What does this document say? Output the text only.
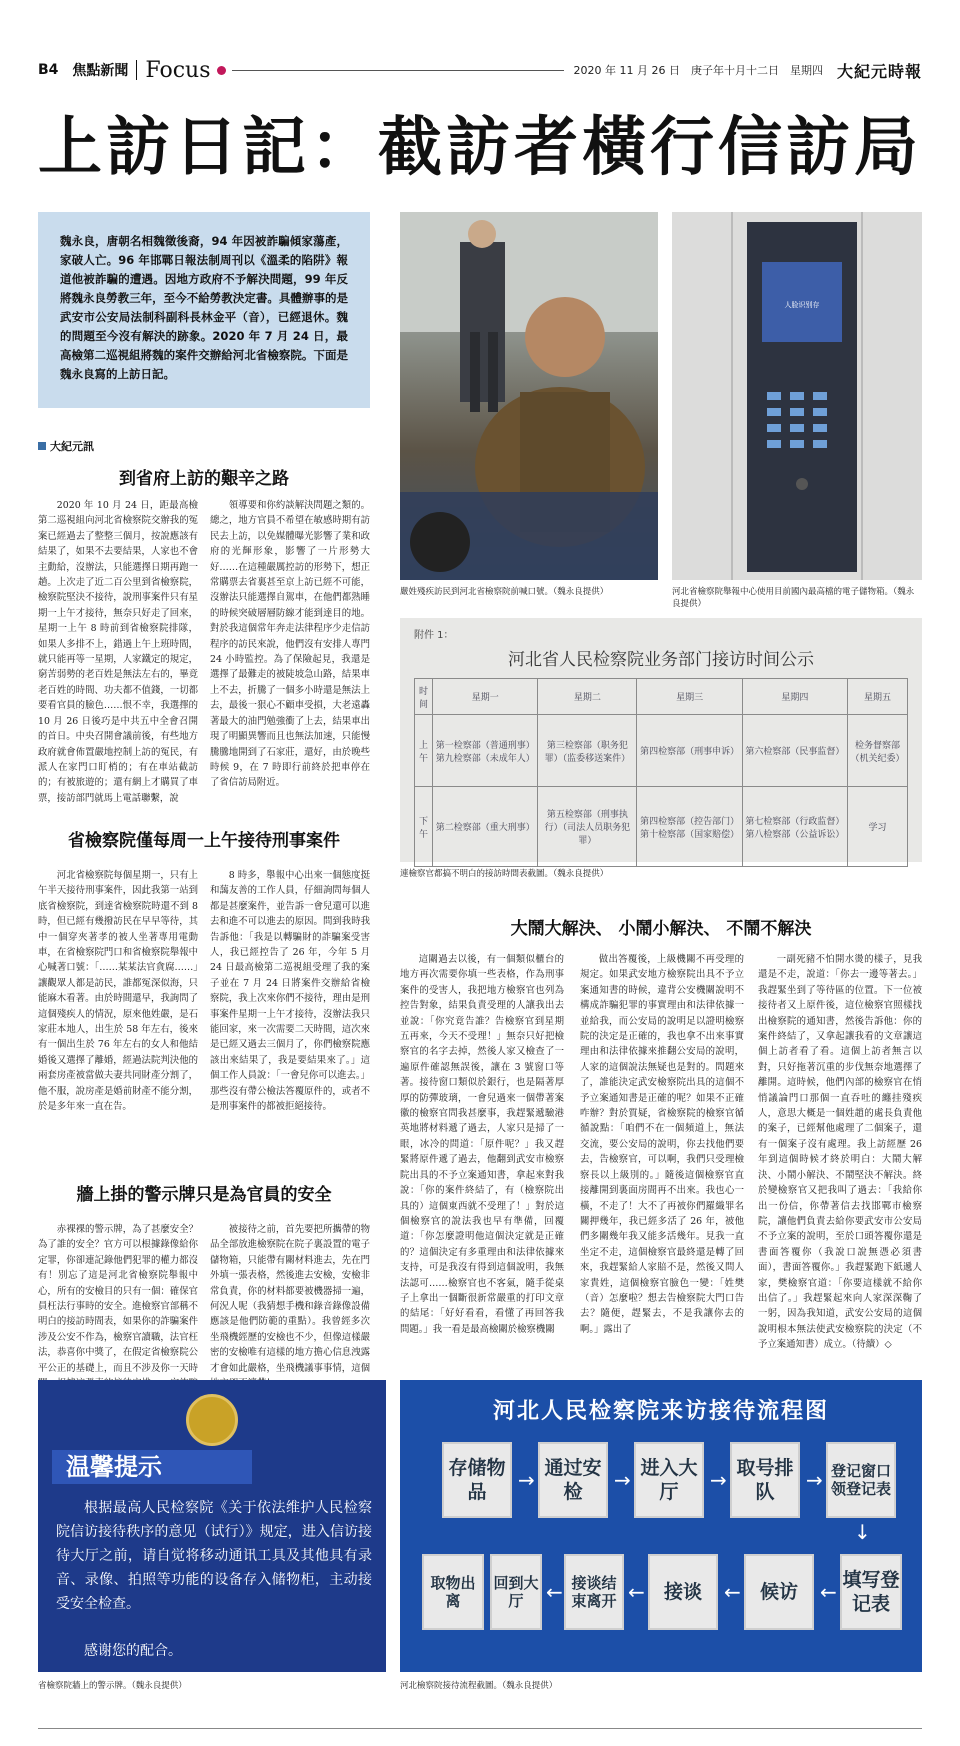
B4 焦點新聞 Focus	2020 年 11 月 26 日　庚子年十月十二日　星期四 大紀元時報
上訪日記：截訪者橫行信訪局
魏永良，唐朝名相魏徵後裔，94 年因被詐騙傾家蕩產，家破人亡。96 年邯鄲日報法制周刊以《溫柔的陷阱》報道他被詐騙的遭遇。因地方政府不予解決問題，99 年反將魏永良勞教三年，至今不給勞教決定書。具體辦事的是武安市公安局法制科副科長林金平（音），已經退休。魏的問題至今沒有解決的跡象。2020 年 7 月 24 日，最高檢第二巡視組將魏的案件交辦給河北省檢察院。下面是魏永良寫的上訪日記。
大紀元訊
到省府上訪的艱辛之路
2020 年 10 月 24 日，距最高檢第二巡視組向河北省檢察院交辦我的冤案已經過去了整整三個月，按說應該有結果了，如果不去要結果，人家也不會主動給，沒辦法，只能選擇日期再跑一趟。上次走了近二百公里到省檢察院，檢察院堅決不接待，說刑事案件只有星期一上午才接待，無奈只好走了回來，星期一上午 8 時前到省檢察院排隊，如果人多排不上，錯過上午上班時間，就只能再等一星期，人家鐵定的規定，窮苦弱勢的老百姓是無法左右的，畢竟老百姓的時間、功夫都不值錢，一切都要看官員的臉色……恨不幸，我選擇的 10 月 26 日後巧是中共五中全會召開的首日。中央召開會議前後，有些地方政府就會佈置嚴地控制上訪的冤民，有派人在家門口盯梢的；有在車站截訪的；有被旅遊的；還有網上才購買了車票，接訪部門就馬上電話聯繫，說
領導要和你約談解決問題之類的。總之，地方官員不希望在敏感時期有訪民去上訪，以免媒體曝光影響了業和政府的光輝形象，影響了一片形勢大好……在這種嚴厲控訪的形勢下，想正常購票去省裏甚至京上訪已經不可能，沒辦法只能選擇自駕車，在他們都熟睡的時候突破層層防線才能到達目的地。對於我這個常年奔走法律程序少走信訪程序的訪民來說，他們沒有安排人專門 24 小時監控。為了保險起見，我還是選擇了最難走的被陡坡急山路，結果車上不去，折騰了一個多小時還是無法上去，最後一狠心不顧車受損，大老遠轟著最大的油門勉強衝了上去，結果車出現了明顯異響而且也無法加速，只能慢騰騰地開到了石家莊，還好，由於晚些時候 9，在 7 時即行前終於把車停在了省信訪局附近。
省檢察院僅每周一上午接待刑事案件
河北省檢察院每個星期一，只有上午半天接待刑事案件，因此我第一站到底省檢察院，到達省檢察院時還不到 8 時，但已經有幾撥訪民在早早等待，其中一個穿夾著孝的被人坐著專用電動車，在省檢察院門口和省檢察院舉報中心喊著口號：「……某某法官貪腐……」讓觀眾人都是訪民，誰都冤深似海，只能麻木看著。由於時間還早，我詢問了這個殘疾人的情況，原來他姓嚴，是石家莊本地人，出生於 58 年左右，後來有一個出生於 76 年左右的女人和他結婚後又選擇了離婚，經過法院判決他的兩套房產被當做夫妻共同財產分割了，他不服，說房產是婚前財產不能分割，於是多年來一直在告。
8 時多，舉報中心出來一個態度挺和藹友善的工作人員，仔細詢問每個人都是甚麼案件，並告訴一會兒還可以進去和進不可以進去的原因。問到我時我告訴他：「我是以轉騙財的詐騙案受害人，我已經控告了 26 年，今年 5 月 24 日最高檢第二巡視組受理了我的案子並在 7 月 24 日將案件交辦給省檢察院，我上次來你們不接待，理由是刑事案件星期一上午才接待，沒辦法我只能回家，來一次需要二天時間，這次來是已經又過去三個月了，你們檢察院應該出來結果了，我是要結果來了。」這個工作人員說：「一會兒你可以進去。」那些沒有帶公檢法答覆原件的，或者不是刑事案件的都被拒絕接待。
牆上掛的警示牌只是為官員的安全
赤裸裸的警示牌，為了甚麼安全？為了誰的安全？官方可以根據錄像給你定罪，你卻連記錄他們犯罪的權力都沒有！別忘了這是河北省檢察院舉報中心，所有的安檢目的只有一個：確保官員枉法行事時的安全。進檢察官部稱不明白的接訪時間表，如果你的詐騙案件涉及公安不作為，檢察官讀職，法官枉法，恭喜你中獎了，在假定省檢察院公平公正的基礎上，而且不涉及你一天時
被接待之前，首先要把所攜帶的物品全部放進檢察院在院子裏設置的電子儲物箱，只能帶有關材料進去，先在門外填一張表格，然後進去安檢，安檢非常負責，你的材料都要被機器掃一遍，何況人呢（我猜想手機和錄音錄像設備應該是他們防範的重點）。我曾經多次坐飛機經歷的安檢也不少，但像這樣嚴密的安檢唯有這樣的地方擔心信息洩露才會如此嚴格，坐飛機議事事情，這個
嚴姓殘疾訪民到河北省檢察院前喊口號。（魏永良提供）
人脸识别存
河北省檢察院舉報中心使用目前國內最高檔的電子儲物箱。（魏永良提供）
附件 1：
河北省人民检察院业务部门接访时间公示
时间	星期一	星期二	星期三	星期四	星期五
上午	第一检察部（普通刑事）第九检察部（未成年人）	第三检察部（职务犯罪）（监委移送案件）	第四检察部（刑事申诉）	第六检察部（民事监督）	检务督察部（机关纪委）
下午	第二检察部（重大刑事）	第五检察部（刑事执行）（司法人员职务犯罪）	第四检察部（控告部门）第十检察部（国家赔偿）	第七检察部（行政监督）第八检察部（公益诉讼）	学习
連檢察官都搞不明白的接訪時間表截圖。（魏永良提供）
大鬧大解決、 小鬧小解決、 不鬧不解決
這關過去以後，有一個類似櫃台的地方再次需要你填一些表格，作為刑事案件的受害人，我把地方檢察官也列為控告對象，結果負責受理的人讓我出去並說：「你究竟告誰？告檢察官到星期五再來，今天不受理！」無奈只好把檢察官的名字去掉，然後人家又檢查了一遍原件確認無誤後，讓在 3 號窗口等著。接待窗口類似於銀行，也是隔著厚厚的防彈玻璃，一會兒過來一個帶著案徽的檢察官問我甚麼事，我趕緊遞驗港英地將材料遞了過去，人家只是掃了一眼，冰冷的問道：「原件呢？」我又趕緊將原件遞了過去，他翻到武安市檢察院出具的不予立案通知書，拿起來對我說：「你的案件終結了，有（檢察院出具的）這個東西就不受理了！」對於這個檢察官的說法我也早有準備，回覆道：「你怎麼證明他這個決定就是正確的？這個決定有多重理由和法律依據來支持，可是我沒有得到這個說明，我無法認可……檢察官也不客氣，隨手從桌子上拿出一個斷很新常嚴重的打印文章的結尾：「好好看看，看懂了再回答我問題。」我一看是最高檢關於檢察機關
做出答覆後，上級機關不再受理的規定。如果武安地方檢察院出具不予立案通知書的時候，違背公安機關說明不構成詐騙犯罪的事實理由和法律依據一並給我，而公安局的說明足以證明檢察院的決定是正確的，我也拿不出來事實理由和法律依據來推翻公安局的說明，人家的這個說法無疑也是對的。問題來了，誰能決定武安檢察院出具的這個不予立案通知書是正確的呢？如果不正確咋辦？對於質疑，省檢察院的檢察官循循說點：「咱們不在一個頻道上，無法交流，要公安局的說明，你去找他們要去，告檢察官，可以啊，我們只受理檢察長以上級別的。」隨後這個檢察官直接離開到裏面房間再不出來。我也心一橫，不走了！大不了再被你們羅織罪名關押幾年，我已經多活了 26 年，被他們多關幾年我又能多活幾年。見我一直坐定不走，這個檢察官最終還是轉了回來，我趕緊給人家賠不是，然後又問人家貴姓，這個檢察官臉色一變：「姓樊（音）怎麼啦？想去告檢察院大門口告去？隨便，趕緊去，不是我讓你去的啊。」露出了
一副死豬不怕開水燙的樣子，見我還是不走，說道：「你去一邊等著去。」我趕緊坐到了等待區的位置。下一位被接待者又上原件後，這位檢察官照樣找出檢察院的通知書，然後告訴他：你的案件終結了，又拿起讓我看的文章讓這個上訪者看了看。這個上訪者無言以對，只好拖著沉重的步伐無奈地選擇了離開。這時候，他們內部的檢察官在悄悄議論門口那個一直吞吐的纏挂殘疾人，意思大概是一個姓趙的處長負責他的案子，已經幫他處理了二個案子，還有一個案子沒有處理。我上訪經歷 26 年到這個時候才終於明白：大鬧大解決、小鬧小解決、不鬧堅決不解決。終於變檢察官又把我叫了過去：「我給你出一份信，你帶著信去找邯鄲市檢察院，讓他們負責去給你要武安市公安局不予立案的說明，至於口頭答覆你還是書面答覆你（我說口說無憑必須書面），書面答覆你。」我趕緊跑下紙遞人家，樊檢察官道：「你要這樣就不給你出信了。」我趕緊起來向人家深深鞠了一躬，因為我知道，武安公安局的這個說明根本無法使武安檢察院的決定（不予立案通知書）成立。（待續）◇
温馨提示
根据最高人民检察院《关于依法维护人民检察院信访接待秩序的意见（试行）》规定，进入信访接待大厅之前，请自觉将移动通讯工具及其他具有录音、录像、拍照等功能的设备存入储物柜，主动接受安全检查。
感谢您的配合。
省檢察院牆上的警示牌。（魏永良提供）
河北人民检察院来访接待流程图
存储物品	→ 通过安检	→ 进入大厅	→ 取号排队	→ 登记窗口领登记表
↓
取物出离
回到大厅	← 接谈结束离开 ←	接谈	←	候访	← 填写登记表
河北檢察院接待流程截圖。（魏永良提供）
